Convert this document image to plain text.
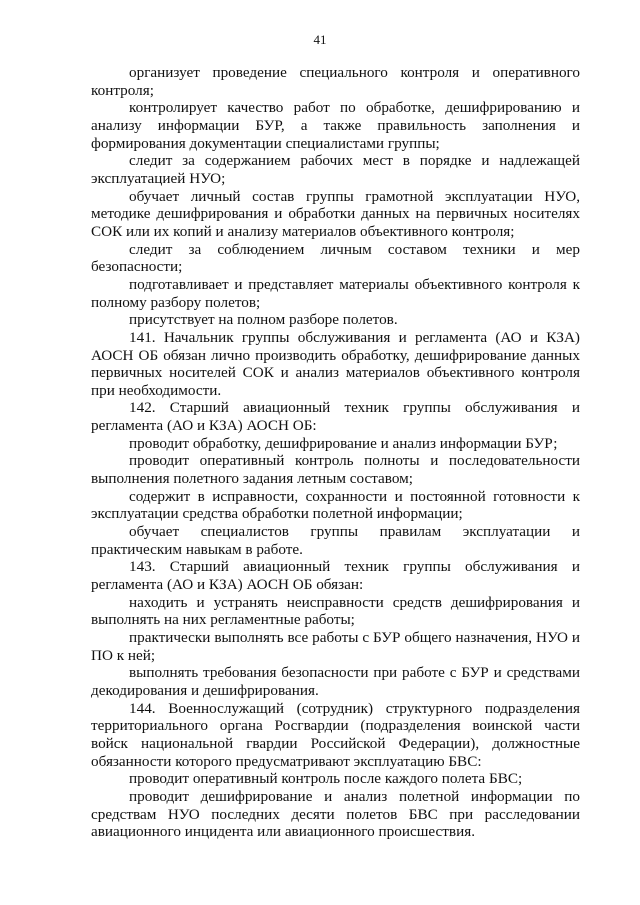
41

организует проведение специального контроля и оперативного контроля;

контролирует качество работ по обработке, дешифрированию и анализу информации БУР, а также правильность заполнения и формирования документации специалистами группы;

следит за содержанием рабочих мест в порядке и надлежащей эксплуатацией НУО;

обучает личный состав группы грамотной эксплуатации НУО, методике дешифрирования и обработки данных на первичных носителях СОК или их копий и анализу материалов объективного контроля;

следит за соблюдением личным составом техники и мер безопасности;

подготавливает и представляет материалы объективного контроля к полному разбору полетов;

присутствует на полном разборе полетов.

141. Начальник группы обслуживания и регламента (АО и КЗА) АОСН ОБ обязан лично производить обработку, дешифрирование данных первичных носителей СОК и анализ материалов объективного контроля при необходимости.

142. Старший авиационный техник группы обслуживания и регламента (АО и КЗА) АОСН ОБ:

проводит обработку, дешифрирование и анализ информации БУР;

проводит оперативный контроль полноты и последовательности выполнения полетного задания летным составом;

содержит в исправности, сохранности и постоянной готовности к эксплуатации средства обработки полетной информации;

обучает специалистов группы правилам эксплуатации и практическим навыкам в работе.

143. Старший авиационный техник группы обслуживания и регламента (АО и КЗА) АОСН ОБ обязан:

находить и устранять неисправности средств дешифрирования и выполнять на них регламентные работы;

практически выполнять все работы с БУР общего назначения, НУО и ПО к ней;

выполнять требования безопасности при работе с БУР и средствами декодирования и дешифрирования.

144. Военнослужащий (сотрудник) структурного подразделения территориального органа Росгвардии (подразделения воинской части войск национальной гвардии Российской Федерации), должностные обязанности которого предусматривают эксплуатацию БВС:

проводит оперативный контроль после каждого полета БВС;

проводит дешифрирование и анализ полетной информации по средствам НУО последних десяти полетов БВС при расследовании авиационного инцидента или авиационного происшествия.
